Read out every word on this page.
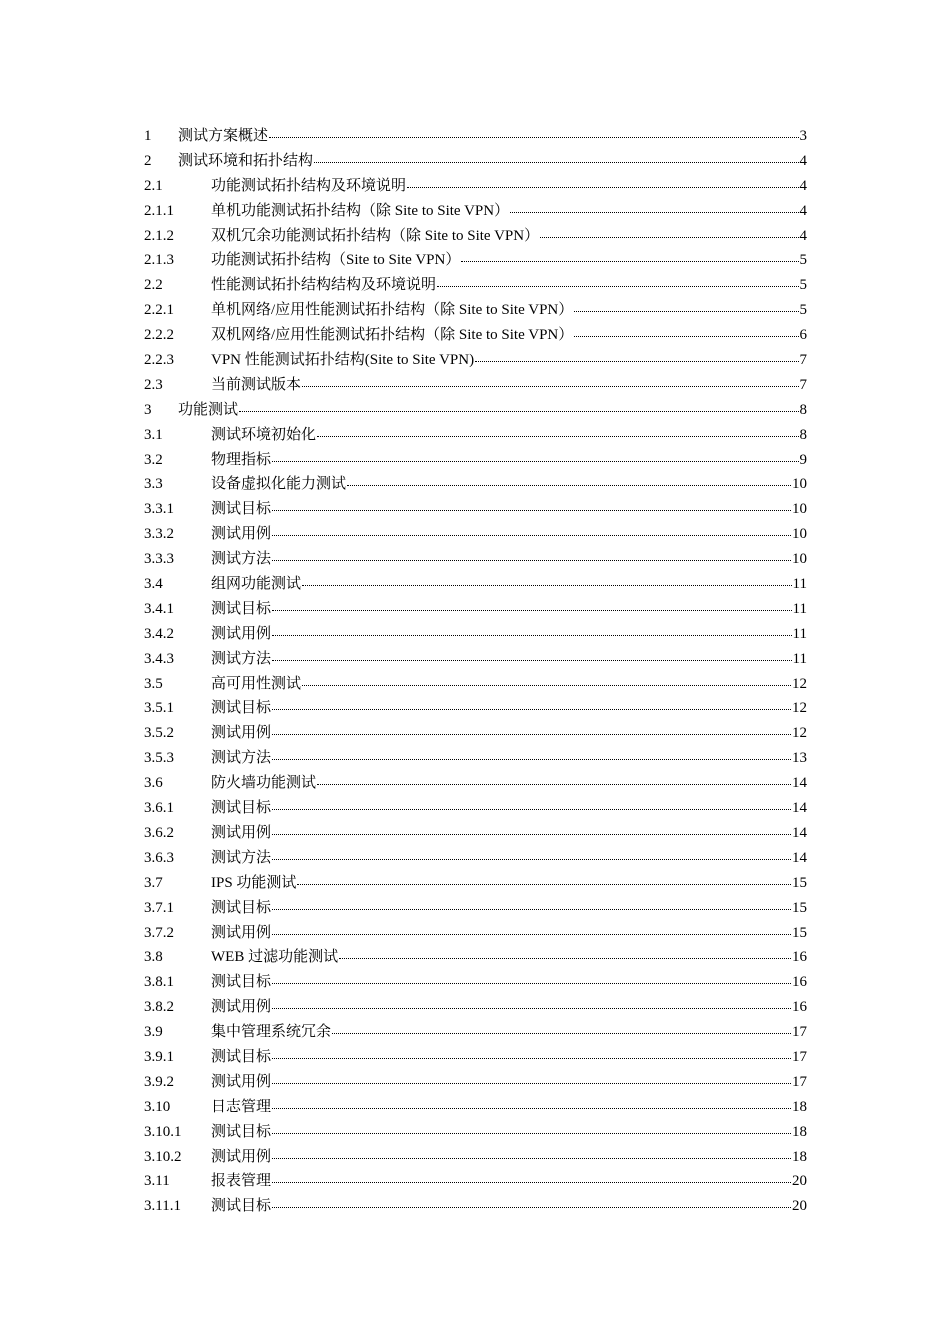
1	测试方案概述	3
2	测试环境和拓扑结构	4
2.1	功能测试拓扑结构及环境说明	4
2.1.1	单机功能测试拓扑结构（除 Site to Site VPN）	4
2.1.2	双机冗余功能测试拓扑结构（除 Site to Site VPN）	4
2.1.3	功能测试拓扑结构（Site to Site VPN）	5
2.2	性能测试拓扑结构结构及环境说明	5
2.2.1	单机网络/应用性能测试拓扑结构（除 Site to Site VPN）	5
2.2.2	双机网络/应用性能测试拓扑结构（除 Site to Site VPN）	6
2.2.3	VPN 性能测试拓扑结构(Site to Site VPN)	7
2.3	当前测试版本	7
3	功能测试	8
3.1	测试环境初始化	8
3.2	物理指标	9
3.3	设备虚拟化能力测试	10
3.3.1	测试目标	10
3.3.2	测试用例	10
3.3.3	测试方法	10
3.4	组网功能测试	11
3.4.1	测试目标	11
3.4.2	测试用例	11
3.4.3	测试方法	11
3.5	高可用性测试	12
3.5.1	测试目标	12
3.5.2	测试用例	12
3.5.3	测试方法	13
3.6	防火墙功能测试	14
3.6.1	测试目标	14
3.6.2	测试用例	14
3.6.3	测试方法	14
3.7	IPS 功能测试	15
3.7.1	测试目标	15
3.7.2	测试用例	15
3.8	WEB 过滤功能测试	16
3.8.1	测试目标	16
3.8.2	测试用例	16
3.9	集中管理系统冗余	17
3.9.1	测试目标	17
3.9.2	测试用例	17
3.10	日志管理	18
3.10.1	测试目标	18
3.10.2	测试用例	18
3.11	报表管理	20
3.11.1	测试目标	20
